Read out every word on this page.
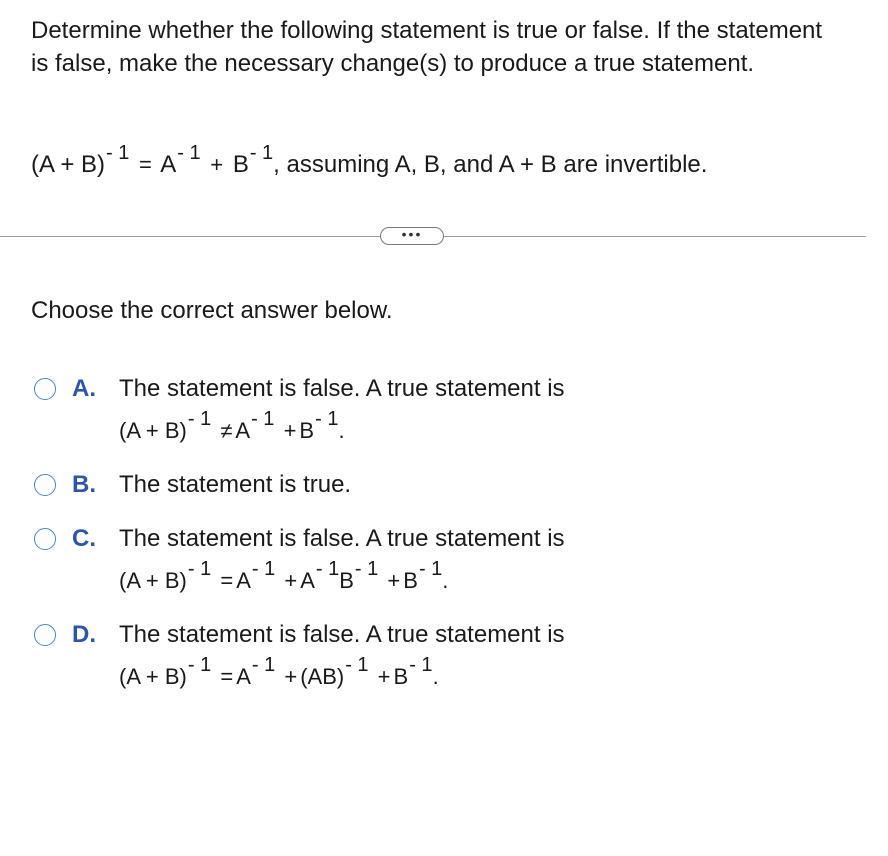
Determine whether the following statement is true or false. If the statement is false, make the necessary change(s) to produce a true statement.
$(A + B)^{- 1} = A^{- 1} + B^{- 1}$, assuming A, B, and A + B are invertible.
•••
Choose the correct answer below.
A. The statement is false. A true statement is
(A + B)- 1 ≠ A- 1 + B- 1.
B. The statement is true.
C. The statement is false. A true statement is
(A + B)- 1 = A- 1 + A- 1B- 1 + B- 1.
D. The statement is false. A true statement is
(A + B)- 1 = A- 1 + (AB)- 1 + B- 1.
